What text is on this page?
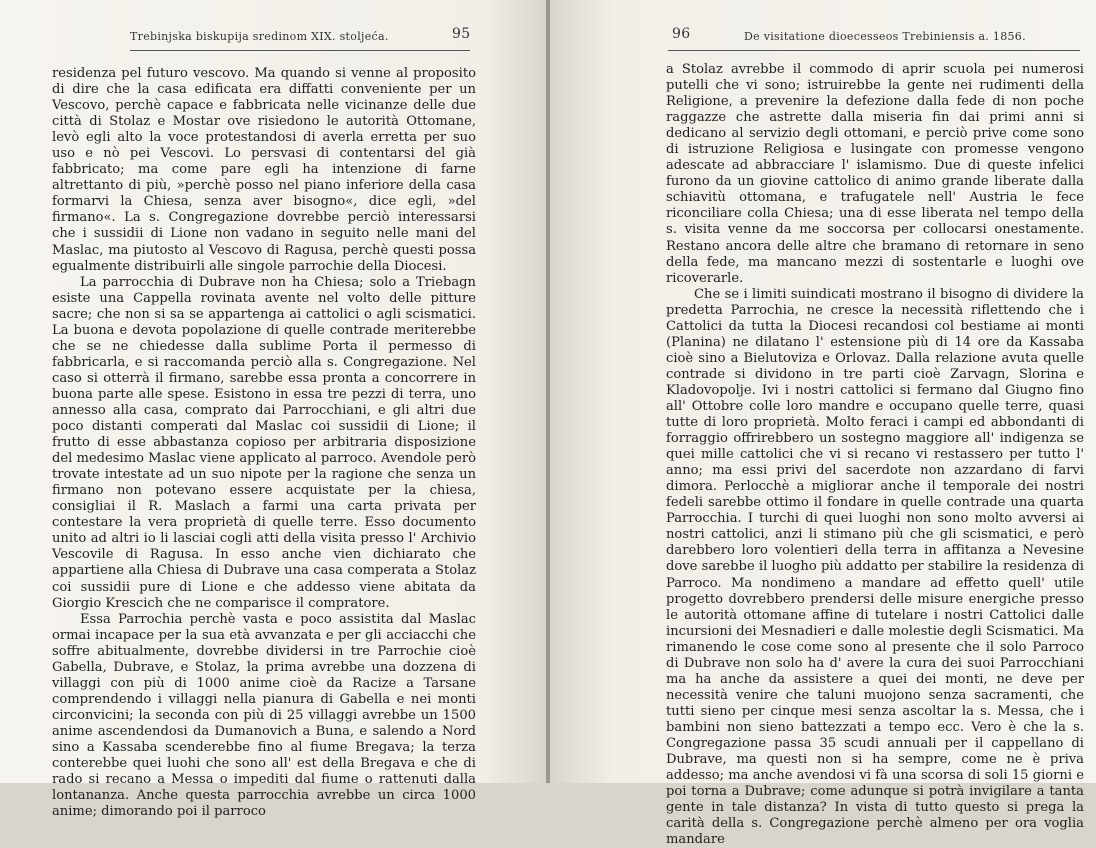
Trebinjska biskupija sredinom XIX. stoljeća.	95

residenza pel futuro vescovo. Ma quando si venne al proposito di dire che la casa edificata era diffatti conveniente per un Vescovo, perchè capace e fabbricata nelle vicinanze delle due città di Stolaz e Mostar ove risiedono le autorità Ottomane, levò egli alto la voce protestandosi di averla erretta per suo uso e nò pei Vescovi. Lo persvasi di contentarsi del già fabbricato; ma come pare egli ha intenzione di farne altrettanto di più, »perchè posso nel piano inferiore della casa formarvi la Chiesa, senza aver bisogno«, dice egli, »del firmano«. La s. Congregazione dovrebbe perciò interessarsi che i sussidii di Lione non vadano in seguito nelle mani del Maslac, ma piutosto al Vescovo di Ragusa, perchè questi possa egualmente distribuirli alle singole parrochie della Diocesi.

La parrocchia di Dubrave non ha Chiesa; solo a Triebagn esiste una Cappella rovinata avente nel volto delle pitture sacre; che non si sa se appartenga ai cattolici o agli scismatici. La buona e devota popolazione di quelle contrade meriterebbe che se ne chiedesse dalla sublime Porta il permesso di fabbricarla, e si raccomanda perciò alla s. Congregazione. Nel caso si otterrà il firmano, sarebbe essa pronta a concorrere in buona parte alle spese. Esistono in essa tre pezzi di terra, uno annesso alla casa, comprato dai Parrocchiani, e gli altri due poco distanti comperati dal Maslac coi sussidii di Lione; il frutto di esse abbastanza copioso per arbitraria disposizione del medesimo Maslac viene applicato al parroco. Avendole però trovate intestate ad un suo nipote per la ragione che senza un firmano non potevano essere acquistate per la chiesa, consigliai il R. Maslach a farmi una carta privata per contestare la vera proprietà di quelle terre. Esso documento unito ad altri io li lasciai cogli atti della visita presso l' Archivio Vescovile di Ragusa. In esso anche vien dichiarato che appartiene alla Chiesa di Dubrave una casa comperata a Stolaz coi sussidii pure di Lione e che addesso viene abitata da Giorgio Krescich che ne comparisce il compratore.

Essa Parrochia perchè vasta e poco assistita dal Maslac ormai incapace per la sua età avvanzata e per gli acciacchi che soffre abitualmente, dovrebbe dividersi in tre Parrochie cioè Gabella, Dubrave, e Stolaz, la prima avrebbe una dozzena di villaggi con più di 1000 anime cioè da Racize a Tarsane comprendendo i villaggi nella pianura di Gabella e nei monti circonvicini; la seconda con più di 25 villaggi avrebbe un 1500 anime ascendendosi da Dumanovich a Buna, e salendo a Nord sino a Kassaba scenderebbe fino al fiume Bregava; la terza conterebbe quei luohi che sono all' est della Bregava e che di rado si recano a Messa o impediti dal fiume o rattenuti dalla lontananza. Anche questa parrocchia avrebbe un circa 1000 anime; dimorando poi il parroco

96	De visitatione dioecesseos Trebiniensis a. 1856.

a Stolaz avrebbe il commodo di aprir scuola pei numerosi putelli che vi sono; istruirebbe la gente nei rudimenti della Religione, a prevenire la defezione dalla fede di non poche raggazze che astrette dalla miseria fin dai primi anni si dedicano al servizio degli ottomani, e perciò prive come sono di istruzione Religiosa e lusingate con promesse vengono adescate ad abbracciare l' islamismo. Due di queste infelici furono da un giovine cattolico di animo grande liberate dalla schiavitù ottomana, e trafugatele nell' Austria le fece riconciliare colla Chiesa; una di esse liberata nel tempo della s. visita venne da me soccorsa per collocarsi onestamente. Restano ancora delle altre che bramano di retornare in seno della fede, ma mancano mezzi di sostentarle e luoghi ove ricoverarle.

Che se i limiti suindicati mostrano il bisogno di dividere la predetta Parrochia, ne cresce la necessità riflettendo che i Cattolici da tutta la Diocesi recandosi col bestiame ai monti (Planina) ne dilatano l' estensione più di 14 ore da Kassaba cioè sino a Bielutoviza e Orlovaz. Dalla relazione avuta quelle contrade si dividono in tre parti cioè Zarvagn, Slorina e Kladovopolje. Ivi i nostri cattolici si fermano dal Giugno fino all' Ottobre colle loro mandre e occupano quelle terre, quasi tutte di loro proprietà. Molto feraci i campi ed abbondanti di forraggio offrirebbero un sostegno maggiore all' indigenza se quei mille cattolici che vi si recano vi restassero per tutto l' anno; ma essi privi del sacerdote non azzardano di farvi dimora. Perlocchè a migliorar anche il temporale dei nostri fedeli sarebbe ottimo il fondare in quelle contrade una quarta Parrocchia. I turchi di quei luoghi non sono molto avversi ai nostri cattolici, anzi li stimano più che gli scismatici, e però darebbero loro volentieri della terra in affitanza a Nevesine dove sarebbe il luogho più addatto per stabilire la residenza di Parroco. Ma nondimeno a mandare ad effetto quell' utile progetto dovrebbero prendersi delle misure energiche presso le autorità ottomane affine di tutelare i nostri Cattolici dalle incursioni dei Mesnadieri e dalle molestie degli Scismatici. Ma rimanendo le cose come sono al presente che il solo Parroco di Dubrave non solo ha d' avere la cura dei suoi Parrocchiani ma ha anche da assistere a quei dei monti, ne deve per necessità venire che taluni muojono senza sacramenti, che tutti sieno per cinque mesi senza ascoltar la s. Messa, che i bambini non sieno battezzati a tempo ecc. Vero è che la s. Congregazione passa 35 scudi annuali per il cappellano di Dubrave, ma questi non si ha sempre, come ne è priva addesso; ma anche avendosi vi fà una scorsa di soli 15 giorni e poi torna a Dubrave; come adunque si potrà invigilare a tanta gente in tale distanza? In vista di tutto questo si prega la carità della s. Congregazione perchè almeno per ora voglia mandare
